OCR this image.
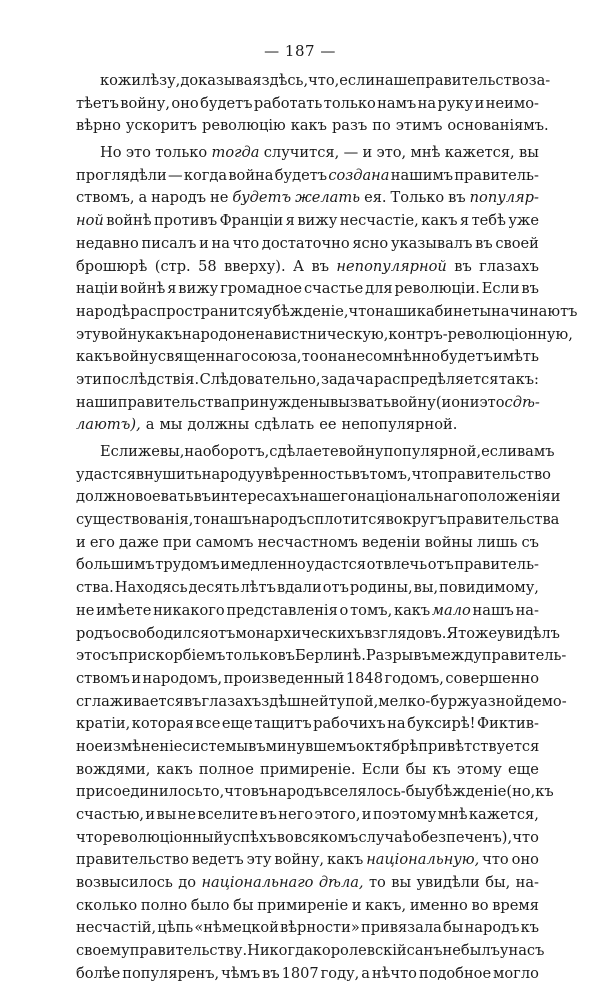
— 187 —
кожи лѣзу, доказывая здѣсь, что, если наше правительство за-
тѣетъ войну, оно будетъ работать только намъ на руку и неимо-
вѣрно ускоритъ революцію какъ разъ по этимъ основаніямъ.
Но это только тогда случится, — и это, мнѣ кажется, вы
проглядѣли — когда война будетъ создана нашимъ правитель-
ствомъ, а народъ не будетъ желать ея. Только въ популяр-
ной войнѣ противъ Франціи я вижу несчастіе, какъ я тебѣ уже
недавно писалъ и на что достаточно ясно указывалъ въ своей
брошюрѣ (стр. 58 вверху). А въ непопулярной въ глазахъ
націи войнѣ я вижу громадное счастье для революціи. Если въ
народѣ распространится убѣжденіе, что наши кабинеты начинаютъ
эту войну какъ народоненавистническую, контръ-революціонную,
какъ войну священнаго союза, то она несомнѣнно будетъ имѣть
эти послѣдствія. Слѣдовательно, задача распредѣляется такъ:
наши правительства принуждены вызвать войну (и они это сдѣ-
лаютъ), а мы должны сдѣлать ее непопулярной.
Если же вы, наоборотъ, сдѣлаете войну популярной, если вамъ
удастся внушить народу увѣренность въ томъ, что правительство
должно воевать въ интересахъ нашего національнаго положенія и
существованія, то нашъ народъ сплотится вокругъ правительства
и его даже при самомъ несчастномъ веденіи войны лишь съ
большимъ трудомъ и медленно удастся отвлечь отъ правитель-
ства. Находясь десять лѣтъ вдали отъ родины, вы, повидимому,
не имѣете никакого представленія о томъ, какъ мало нашъ на-
родъ освободился отъ монархическихъ взглядовъ. Я тоже увидѣлъ
это съ прискорбіемъ только въ Берлинѣ. Разрывъ между правитель-
ствомъ и народомъ, произведенный 1848 годомъ, совершенно
сглаживается въ глазахъ здѣшней тупой, мелко-буржуазной демо-
кратіи, которая все еще тащитъ рабочихъ на буксирѣ! Фиктив-
ное измѣненіе системы въ минувшемъ октябрѣ привѣтствуется
вождями, какъ полное примиреніе. Если бы къ этому еще
присоединилось то, что въ народъ вселялось-бы убѣжденіе (но, къ
счастью, и вы не вселите въ него этого, и поэтому мнѣ кажется,
что революціонный успѣхъ во всякомъ случаѣ обезпеченъ), что
правительство ведетъ эту войну, какъ національную, что оно
возвысилось до національнаго дѣла, то вы увидѣли бы, на-
сколько полно было бы примиреніе и какъ, именно во время
несчастій, цѣпь «нѣмецкой вѣрности» привязала бы народъ къ
своему правительству. Никогда королевскій санъ не былъ у насъ
болѣе популяренъ, чѣмъ въ 1807 году, а нѣчто подобное могло
